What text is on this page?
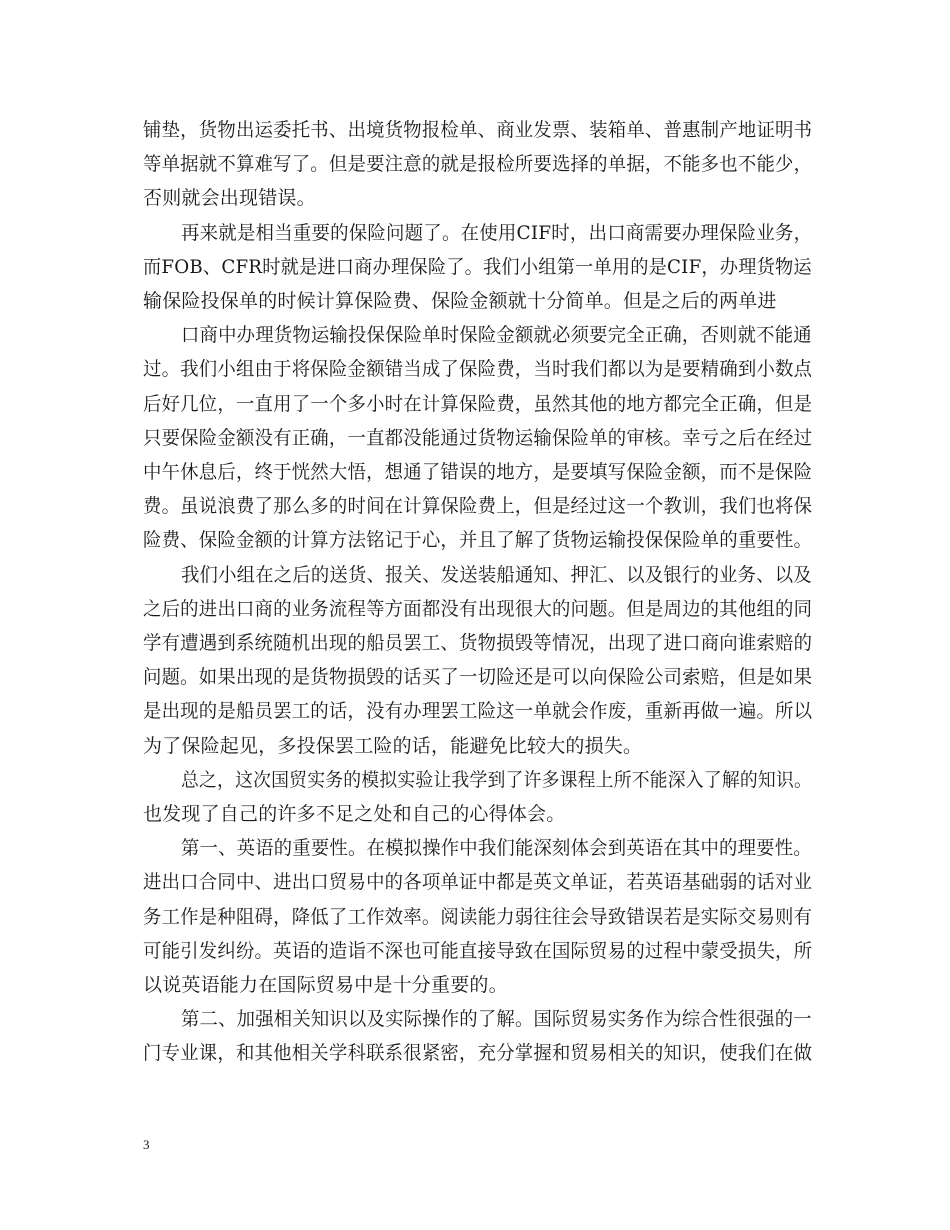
铺垫，货物出运委托书、出境货物报检单、商业发票、装箱单、普惠制产地证明书
等单据就不算难写了。但是要注意的就是报检所要选择的单据，不能多也不能少，
否则就会出现错误。
再来就是相当重要的保险问题了。在使用CIF时，出口商需要办理保险业务，
而FOB、CFR时就是进口商办理保险了。我们小组第一单用的是CIF，办理货物运
输保险投保单的时候计算保险费、保险金额就十分简单。但是之后的两单进
口商中办理货物运输投保保险单时保险金额就必须要完全正确，否则就不能通
过。我们小组由于将保险金额错当成了保险费，当时我们都以为是要精确到小数点
后好几位，一直用了一个多小时在计算保险费，虽然其他的地方都完全正确，但是
只要保险金额没有正确，一直都没能通过货物运输保险单的审核。幸亏之后在经过
中午休息后，终于恍然大悟，想通了错误的地方，是要填写保险金额，而不是保险
费。虽说浪费了那么多的时间在计算保险费上，但是经过这一个教训，我们也将保
险费、保险金额的计算方法铭记于心，并且了解了货物运输投保保险单的重要性。
我们小组在之后的送货、报关、发送装船通知、押汇、以及银行的业务、以及
之后的进出口商的业务流程等方面都没有出现很大的问题。但是周边的其他组的同
学有遭遇到系统随机出现的船员罢工、货物损毁等情况，出现了进口商向谁索赔的
问题。如果出现的是货物损毁的话买了一切险还是可以向保险公司索赔，但是如果
是出现的是船员罢工的话，没有办理罢工险这一单就会作废，重新再做一遍。所以
为了保险起见，多投保罢工险的话，能避免比较大的损失。
总之，这次国贸实务的模拟实验让我学到了许多课程上所不能深入了解的知识。
也发现了自己的许多不足之处和自己的心得体会。
第一、英语的重要性。在模拟操作中我们能深刻体会到英语在其中的理要性。
进出口合同中、进出口贸易中的各项单证中都是英文单证，若英语基础弱的话对业
务工作是种阻碍，降低了工作效率。阅读能力弱往往会导致错误若是实际交易则有
可能引发纠纷。英语的造诣不深也可能直接导致在国际贸易的过程中蒙受损失，所
以说英语能力在国际贸易中是十分重要的。
第二、加强相关知识以及实际操作的了解。国际贸易实务作为综合性很强的一
门专业课，和其他相关学科联系很紧密，充分掌握和贸易相关的知识，使我们在做
3
